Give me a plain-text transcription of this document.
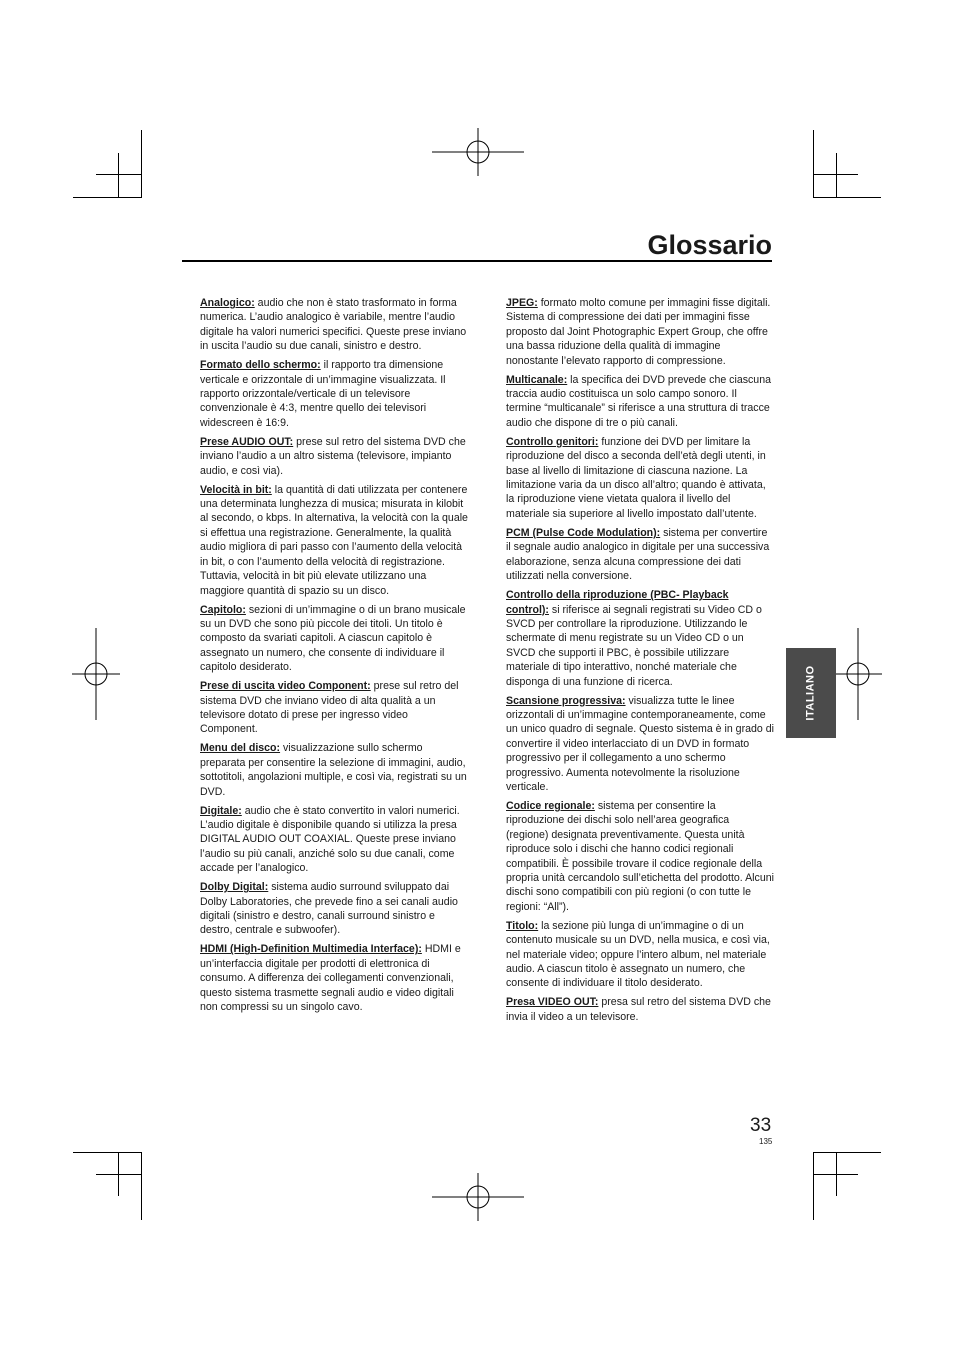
Glossario

Analogico: audio che non è stato trasformato in forma numerica. L’audio analogico è variabile, mentre l’audio digitale ha valori numerici specifici. Queste prese inviano in uscita l’audio su due canali, sinistro e destro.

Formato dello schermo: il rapporto tra dimensione verticale e orizzontale di un’immagine visualizzata. Il rapporto orizzontale/verticale di un televisore convenzionale è 4:3, mentre quello dei televisori widescreen è 16:9.

Prese AUDIO OUT: prese sul retro del sistema DVD che inviano l’audio a un altro sistema (televisore, impianto audio, e così via).

Velocità in bit: la quantità di dati utilizzata per contenere una determinata lunghezza di musica; misurata in kilobit al secondo, o kbps. In alternativa, la velocità con la quale si effettua una registrazione. Generalmente, la qualità audio migliora di pari passo con l’aumento della velocità in bit, o con l’aumento della velocità di registrazione. Tuttavia, velocità in bit più elevate utilizzano una maggiore quantità di spazio su un disco.

Capitolo: sezioni di un’immagine o di un brano musicale su un DVD che sono più piccole dei titoli. Un titolo è composto da svariati capitoli. A ciascun capitolo è assegnato un numero, che consente di individuare il capitolo desiderato.

Prese di uscita video Component: prese sul retro del sistema DVD che inviano video di alta qualità a un televisore dotato di prese per ingresso video Component.

Menu del disco: visualizzazione sullo schermo preparata per consentire la selezione di immagini, audio, sottotitoli, angolazioni multiple, e così via, registrati su un DVD.

Digitale: audio che è stato convertito in valori numerici. L’audio digitale è disponibile quando si utilizza la presa DIGITAL AUDIO OUT COAXIAL. Queste prese inviano l’audio su più canali, anziché solo su due canali, come accade per l’analogico.

Dolby Digital: sistema audio surround sviluppato dai Dolby Laboratories, che prevede fino a sei canali audio digitali (sinistro e destro, canali surround sinistro e destro, centrale e subwoofer).

HDMI (High-Definition Multimedia Interface): HDMI e un’interfaccia digitale per prodotti di elettronica di consumo. A differenza dei collegamenti convenzionali, questo sistema trasmette segnali audio e video digitali non compressi su un singolo cavo.

JPEG: formato molto comune per immagini fisse digitali. Sistema di compressione dei dati per immagini fisse proposto dal Joint Photographic Expert Group, che offre una bassa riduzione della qualità di immagine nonostante l’elevato rapporto di compressione.

Multicanale: la specifica dei DVD prevede che ciascuna traccia audio costituisca un solo campo sonoro. Il termine “multicanale” si riferisce a una struttura di tracce audio che dispone di tre o più canali.

Controllo genitori: funzione dei DVD per limitare la riproduzione del disco a seconda dell’età degli utenti, in base al livello di limitazione di ciascuna nazione. La limitazione varia da un disco all’altro; quando è attivata, la riproduzione viene vietata qualora il livello del materiale sia superiore al livello impostato dall’utente.

PCM (Pulse Code Modulation): sistema per convertire il segnale audio analogico in digitale per una successiva elaborazione, senza alcuna compressione dei dati utilizzati nella conversione.

Controllo della riproduzione (PBC- Playback control): si riferisce ai segnali registrati su Video CD o SVCD per controllare la riproduzione. Utilizzando le schermate di menu registrate su un Video CD o un SVCD che supporti il PBC, è possibile utilizzare materiale di tipo interattivo, nonché materiale che disponga di una funzione di ricerca.

Scansione progressiva: visualizza tutte le linee orizzontali di un’immagine contemporaneamente, come un unico quadro di segnale. Questo sistema è in grado di convertire il video interlacciato di un DVD in formato progressivo per il collegamento a uno schermo progressivo. Aumenta notevolmente la risoluzione verticale.

Codice regionale: sistema per consentire la riproduzione dei dischi solo nell’area geografica (regione) designata preventivamente. Questa unità riproduce solo i dischi che hanno codici regionali compatibili. È possibile trovare il codice regionale della propria unità cercandolo sull’etichetta del prodotto. Alcuni dischi sono compatibili con più regioni (o con tutte le regioni: “All”).

Titolo: la sezione più lunga di un’immagine o di un contenuto musicale su un DVD, nella musica, e così via, nel materiale video; oppure l’intero album, nel materiale audio. A ciascun titolo è assegnato un numero, che consente di individuare il titolo desiderato.

Presa VIDEO OUT: presa sul retro del sistema DVD che invia il video a un televisore.

ITALIANO
33
135
